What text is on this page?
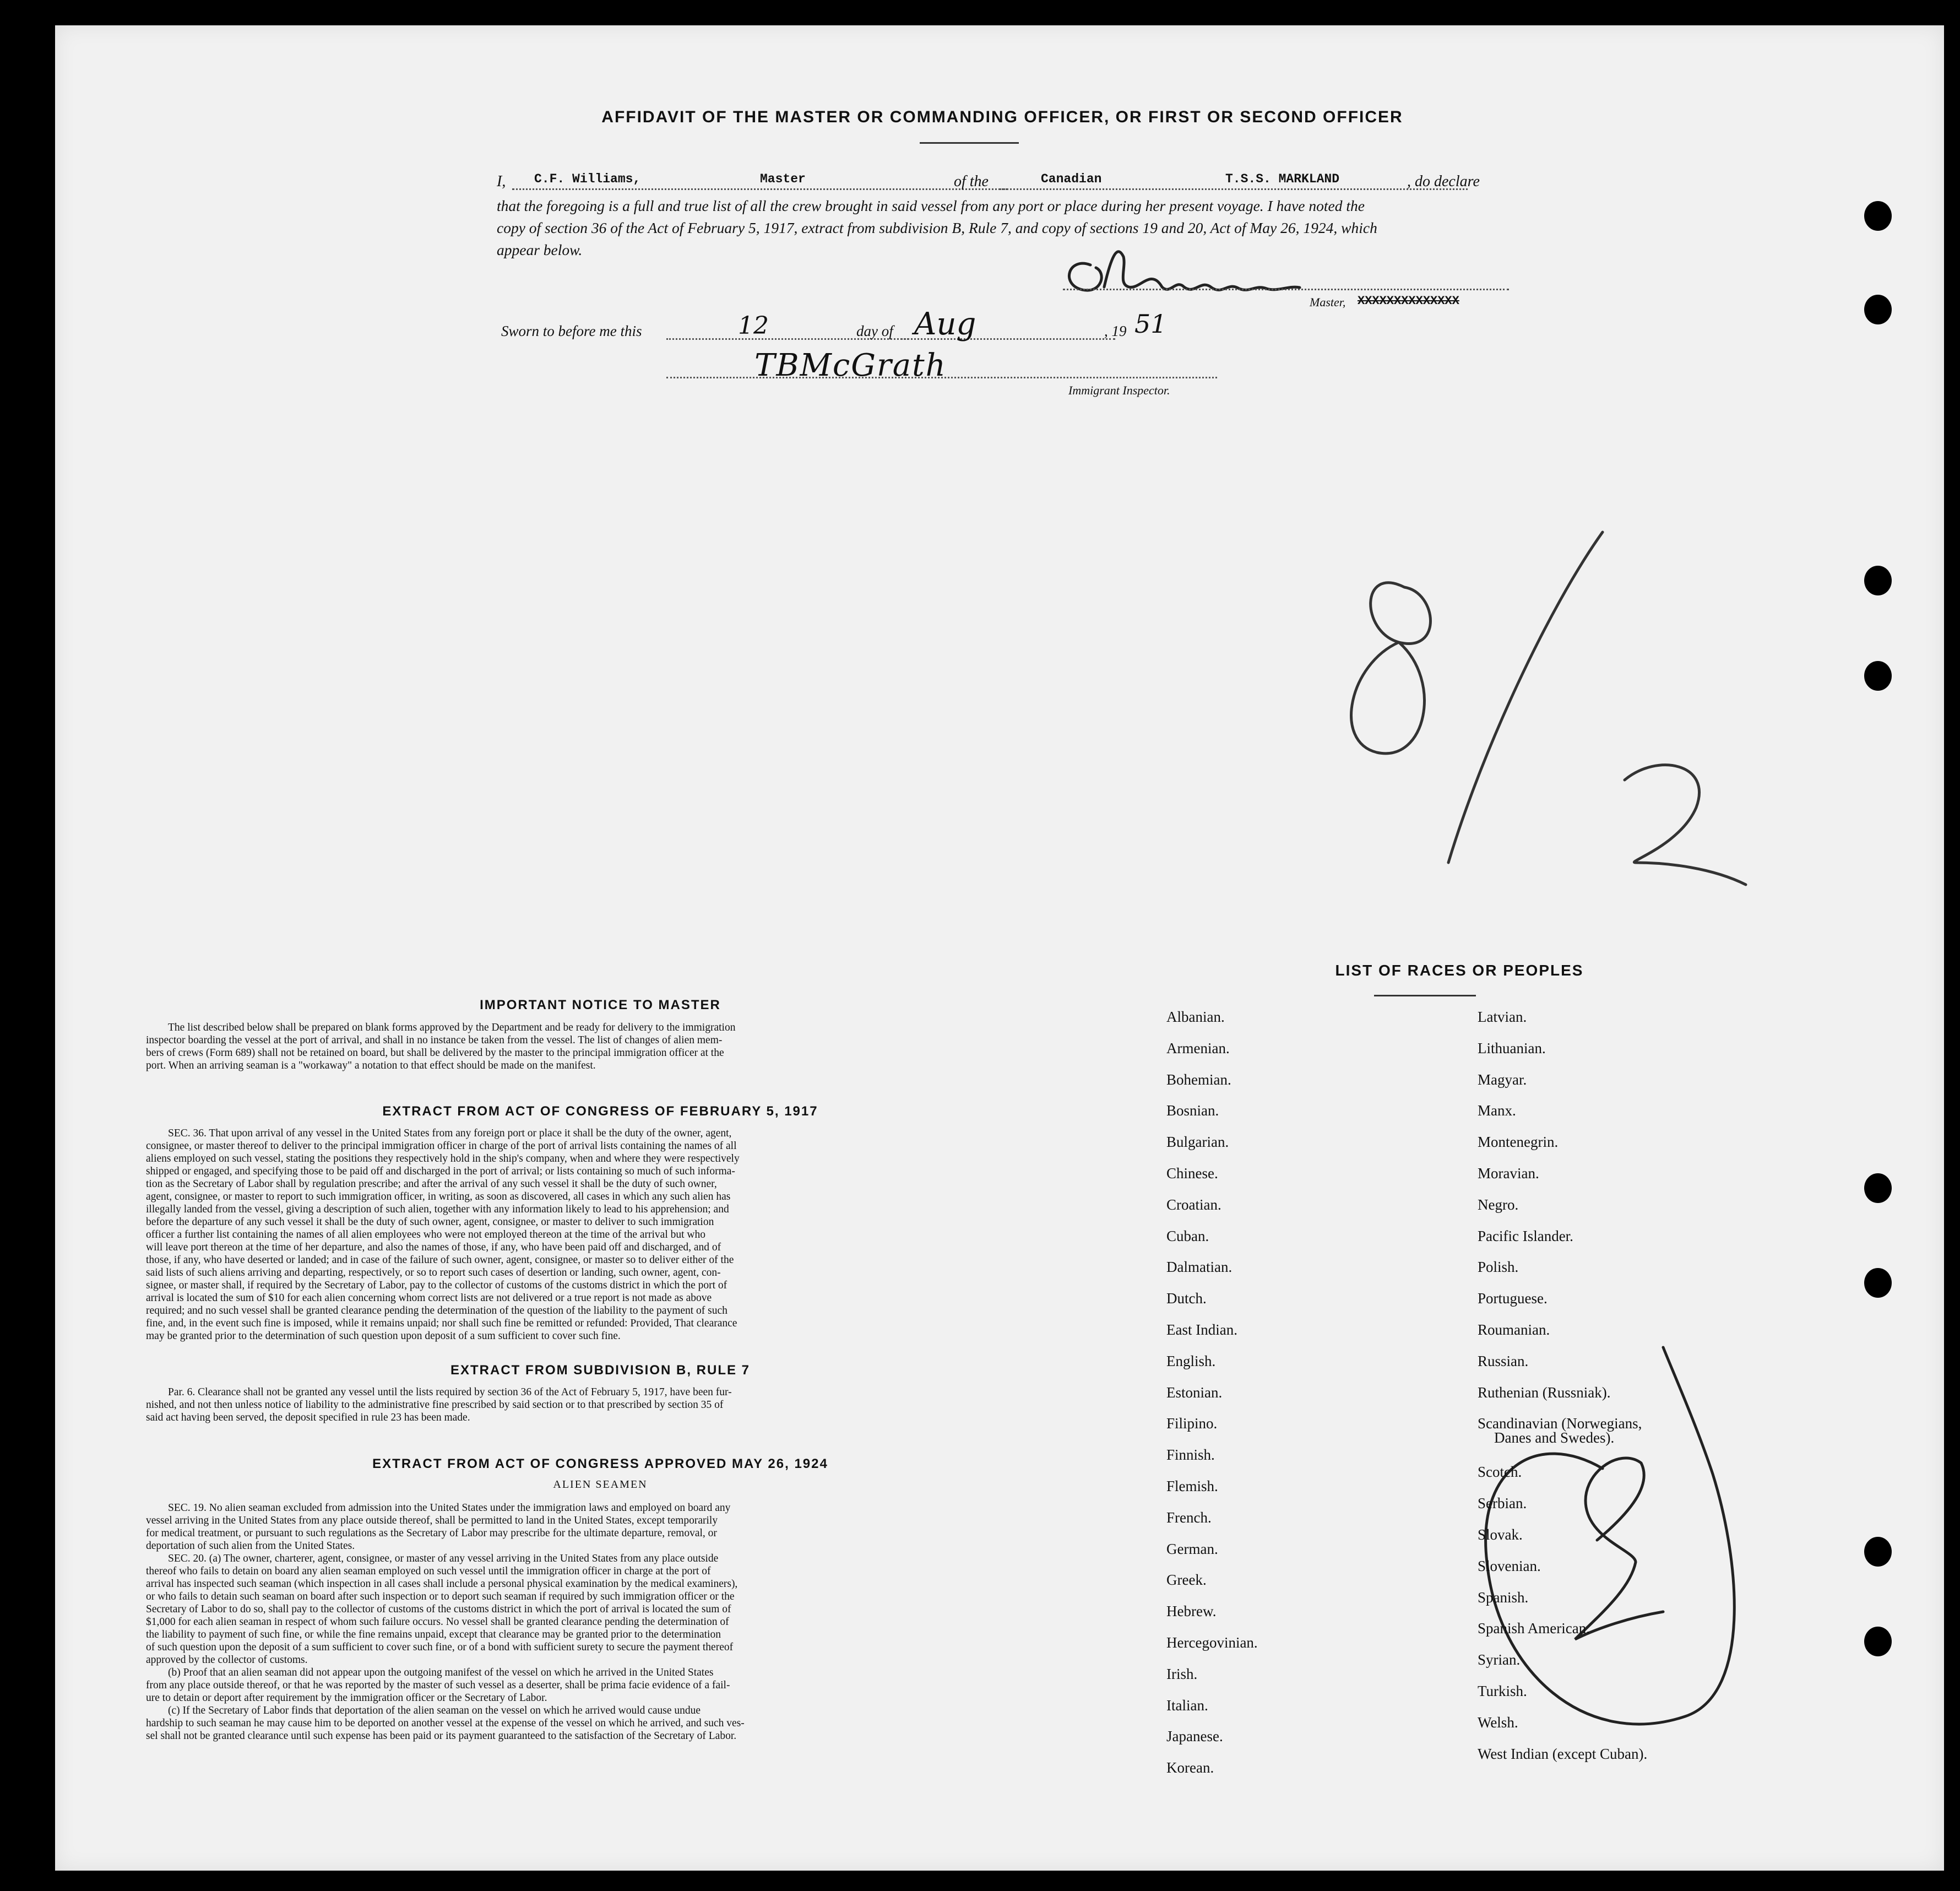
AFFIDAVIT OF THE MASTER OR COMMANDING OFFICER, OR FIRST OR SECOND OFFICER
I, C.F. Williams,	Master	of the	Canadian	T.S.S. MARKLAND	, do declare
that the foregoing is a full and true list of all the crew brought in said vessel from any port or place during her present voyage. I have noted the
copy of section 36 of the Act of February 5, 1917, extract from subdivision B, Rule 7, and copy of sections 19 and 20, Act of May 26, 1924, which
appear below.
Master, XXXXXXXXXXXXXX
Sworn to before me this	12	day of Aug	, 19 51
TBMcGrath
Immigrant Inspector.
IMPORTANT NOTICE TO MASTER
The list described below shall be prepared on blank forms approved by the Department and be ready for delivery to the immigration
inspector boarding the vessel at the port of arrival, and shall in no instance be taken from the vessel. The list of changes of alien mem-
bers of crews (Form 689) shall not be retained on board, but shall be delivered by the master to the principal immigration officer at the
port. When an arriving seaman is a "workaway" a notation to that effect should be made on the manifest.
EXTRACT FROM ACT OF CONGRESS OF FEBRUARY 5, 1917
SEC. 36. That upon arrival of any vessel in the United States from any foreign port or place it shall be the duty of the owner, agent,
consignee, or master thereof to deliver to the principal immigration officer in charge of the port of arrival lists containing the names of all
aliens employed on such vessel, stating the positions they respectively hold in the ship's company, when and where they were respectively
shipped or engaged, and specifying those to be paid off and discharged in the port of arrival; or lists containing so much of such informa-
tion as the Secretary of Labor shall by regulation prescribe; and after the arrival of any such vessel it shall be the duty of such owner,
agent, consignee, or master to report to such immigration officer, in writing, as soon as discovered, all cases in which any such alien has
illegally landed from the vessel, giving a description of such alien, together with any information likely to lead to his apprehension; and
before the departure of any such vessel it shall be the duty of such owner, agent, consignee, or master to deliver to such immigration
officer a further list containing the names of all alien employees who were not employed thereon at the time of the arrival but who
will leave port thereon at the time of her departure, and also the names of those, if any, who have been paid off and discharged, and of
those, if any, who have deserted or landed; and in case of the failure of such owner, agent, consignee, or master so to deliver either of the
said lists of such aliens arriving and departing, respectively, or so to report such cases of desertion or landing, such owner, agent, con-
signee, or master shall, if required by the Secretary of Labor, pay to the collector of customs of the customs district in which the port of
arrival is located the sum of $10 for each alien concerning whom correct lists are not delivered or a true report is not made as above
required; and no such vessel shall be granted clearance pending the determination of the question of the liability to the payment of such
fine, and, in the event such fine is imposed, while it remains unpaid; nor shall such fine be remitted or refunded: Provided, That clearance
may be granted prior to the determination of such question upon deposit of a sum sufficient to cover such fine.
EXTRACT FROM SUBDIVISION B, RULE 7
Par. 6. Clearance shall not be granted any vessel until the lists required by section 36 of the Act of February 5, 1917, have been fur-
nished, and not then unless notice of liability to the administrative fine prescribed by said section or to that prescribed by section 35 of
said act having been served, the deposit specified in rule 23 has been made.
EXTRACT FROM ACT OF CONGRESS APPROVED MAY 26, 1924
ALIEN SEAMEN
SEC. 19. No alien seaman excluded from admission into the United States under the immigration laws and employed on board any
vessel arriving in the United States from any place outside thereof, shall be permitted to land in the United States, except temporarily
for medical treatment, or pursuant to such regulations as the Secretary of Labor may prescribe for the ultimate departure, removal, or
deportation of such alien from the United States.
SEC. 20. (a) The owner, charterer, agent, consignee, or master of any vessel arriving in the United States from any place outside
thereof who fails to detain on board any alien seaman employed on such vessel until the immigration officer in charge at the port of
arrival has inspected such seaman (which inspection in all cases shall include a personal physical examination by the medical examiners),
or who fails to detain such seaman on board after such inspection or to deport such seaman if required by such immigration officer or the
Secretary of Labor to do so, shall pay to the collector of customs of the customs district in which the port of arrival is located the sum of
$1,000 for each alien seaman in respect of whom such failure occurs. No vessel shall be granted clearance pending the determination of
the liability to payment of such fine, or while the fine remains unpaid, except that clearance may be granted prior to the determination
of such question upon the deposit of a sum sufficient to cover such fine, or of a bond with sufficient surety to secure the payment thereof
approved by the collector of customs.
(b) Proof that an alien seaman did not appear upon the outgoing manifest of the vessel on which he arrived in the United States
from any place outside thereof, or that he was reported by the master of such vessel as a deserter, shall be prima facie evidence of a fail-
ure to detain or deport after requirement by the immigration officer or the Secretary of Labor.
(c) If the Secretary of Labor finds that deportation of the alien seaman on the vessel on which he arrived would cause undue
hardship to such seaman he may cause him to be deported on another vessel at the expense of the vessel on which he arrived, and such ves-
sel shall not be granted clearance until such expense has been paid or its payment guaranteed to the satisfaction of the Secretary of Labor.
LIST OF RACES OR PEOPLES
Albanian.
Armenian.
Bohemian.
Bosnian.
Bulgarian.
Chinese.
Croatian.
Cuban.
Dalmatian.
Dutch.
East Indian.
English.
Estonian.
Filipino.
Finnish.
Flemish.
French.
German.
Greek.
Hebrew.
Hercegovinian.
Irish.
Italian.
Japanese.
Korean.
Latvian.
Lithuanian.
Magyar.
Manx.
Montenegrin.
Moravian.
Negro.
Pacific Islander.
Polish.
Portuguese.
Roumanian.
Russian.
Ruthenian (Russniak).
Scandinavian (Norwegians,
Danes and Swedes).
Scotch.
Serbian.
Slovak.
Slovenian.
Spanish.
Spanish American.
Syrian.
Turkish.
Welsh.
West Indian (except Cuban).
